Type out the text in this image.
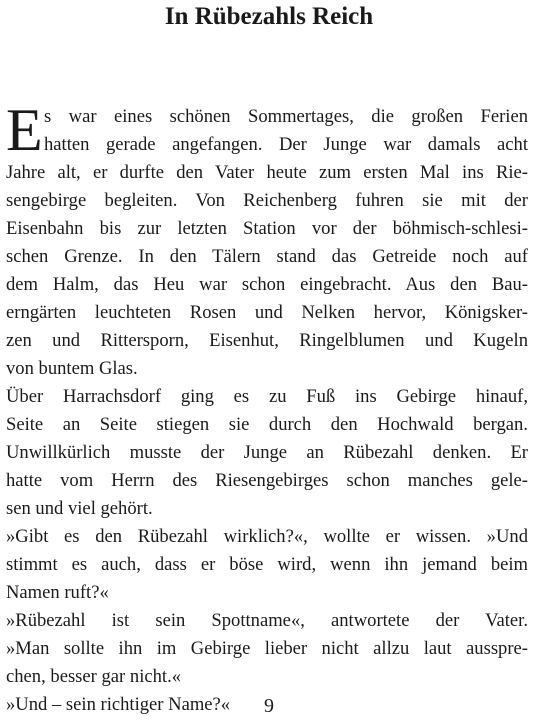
In Rübezahls Reich
E s war eines schönen Sommertages, die großen Ferien
hatten gerade angefangen. Der Junge war damals acht
Jahre alt, er durfte den Vater heute zum ersten Mal ins Rie-
sengebirge begleiten. Von Reichenberg fuhren sie mit der
Eisenbahn bis zur letzten Station vor der böhmisch-schlesi-
schen Grenze. In den Tälern stand das Getreide noch auf
dem Halm, das Heu war schon eingebracht. Aus den Bau-
erngärten leuchteten Rosen und Nelken hervor, Königsker-
zen und Rittersporn, Eisenhut, Ringelblumen und Kugeln
von buntem Glas.
Über Harrachsdorf ging es zu Fuß ins Gebirge hinauf,
Seite an Seite stiegen sie durch den Hochwald bergan.
Unwillkürlich musste der Junge an Rübezahl denken. Er
hatte vom Herrn des Riesengebirges schon manches gele-
sen und viel gehört.
»Gibt es den Rübezahl wirklich?«, wollte er wissen. »Und
stimmt es auch, dass er böse wird, wenn ihn jemand beim
Namen ruft?«
»Rübezahl ist sein Spottname«, antwortete der Vater.
»Man sollte ihn im Gebirge lieber nicht allzu laut ausspre-
chen, besser gar nicht.«
»Und – sein richtiger Name?«	9
